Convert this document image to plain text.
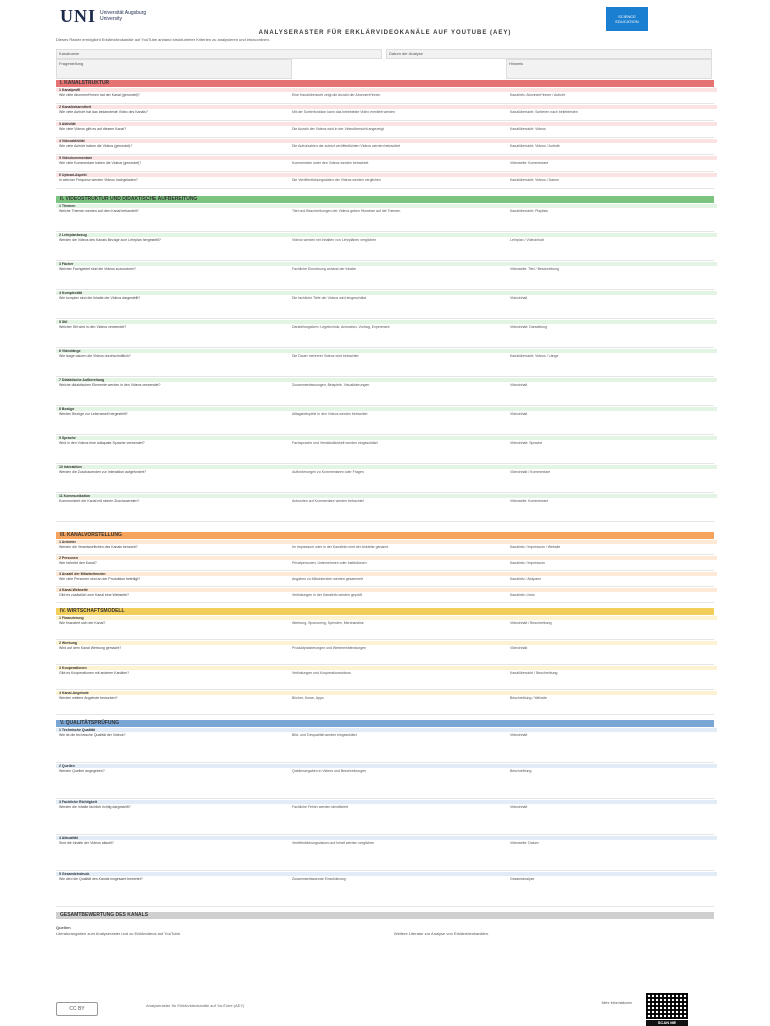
UNI Universität Augsburg University	SCIENCE EDUCATION
ANALYSERASTER FÜR ERKLÄRVIDEOKANÄLE AUF YOUTUBE (AEY)
Dieses Raster ermöglicht Erklärvideokanäle auf YouTube anhand strukturierter Kriterien zu analysieren und einzuordnen.
Kanalname	Datum der Analyse
Fragestellung	Hinweis
I. KANALSTRUKTUR
1 Kanalprofil
Wie viele Abonnent*innen hat der Kanal (gerundet)?	Eine Kanalübersicht zeigt die Anzahl der Abonnent*innen	Kanalinfo: Abonnent*innen / Aufrufe
2 Kanalbekanntheit
Wie viele Aufrufe hat das bekannteste Video des Kanals?	Mit der Sortierfunktion kann das beliebteste Video ermittelt werden	Kanalübersicht: Sortieren nach beliebtesten
3 Aktivität
Wie viele Videos gibt es auf diesem Kanal?	Die Anzahl der Videos wird in der Videoübersicht angezeigt	Kanalübersicht: Videos
4 Videoaktivität
Wie viele Aufrufe haben die Videos (gerundet)?	Die Aufrufzahlen der zuletzt veröffentlichten Videos werden betrachtet	Kanalübersicht: Videos / Aufrufe
5 Videokommentare
Wie viele Kommentare haben die Videos (gerundet)?	Kommentare unter den Videos werden betrachtet	Videoseite: Kommentare
6 Upload-Aspekt
In welcher Frequenz werden Videos hochgeladen?	Die Veröffentlichungsdaten der Videos werden verglichen	Kanalübersicht: Videos / Datum
II. VIDEOSTRUKTUR UND DIDAKTISCHE AUFBEREITUNG
1 Themen
Welche Themen werden auf dem Kanal behandelt?	Titel und Beschreibungen der Videos geben Hinweise auf die Themen	Kanalübersicht: Playlists
2 Lehrplanbezug
Werden die Videos des Kanals Bezüge zum Lehrplan hergestellt?	Videos werden mit Inhalten von Lehrplänen verglichen	Lehrplan / Videoinhalt
3 Fächer
Welcher Fachgebiet sind die Videos zuzuordnen?	Fachliche Einordnung anhand der Inhalte	Videoseite: Titel / Beschreibung
4 Komplexität
Wie komplex sind die Inhalte der Videos dargestellt?	Die fachliche Tiefe der Videos wird eingeschätzt	Videoinhalt
5 Stil
Welcher Stil wird in den Videos verwendet?	Darstellungsform: Legetechnik, Animation, Vortrag, Experiment	Videoinhalt: Darstellung
6 Videolänge
Wie lange dauern die Videos durchschnittlich?	Die Dauer mehrerer Videos wird betrachtet	Kanalübersicht: Videos / Länge
7 Didaktische Aufbereitung
Welche didaktischen Elemente werden in den Videos verwendet?	Zusammenfassungen, Beispiele, Visualisierungen	Videoinhalt
8 Bezüge
Werden Bezüge zur Lebenswelt hergestellt?	Alltagsbeispiele in den Videos werden betrachtet	Videoinhalt
9 Sprache
Wird in den Videos eine adäquate Sprache verwendet?	Fachsprache und Verständlichkeit werden eingeschätzt	Videoinhalt: Sprache
10 Interaktion
Werden die Zuschauenden zur Interaktion aufgefordert?	Aufforderungen zu Kommentaren oder Fragen	Videoinhalt / Kommentare
11 Kommunikation
Kommuniziert der Kanal mit seinen Zuschauenden?	Antworten auf Kommentare werden betrachtet	Videoseite: Kommentare
III. KANALVORSTELLUNG
1 Anbieter
Werden die Verantwortlichen des Kanals benannt?	Im Impressum oder in der Kanalinfo wird der Anbieter genannt	Kanalinfo / Impressum / Website
2 Personen
Wer betreibt den Kanal?	Privatpersonen, Unternehmen oder Institutionen	Kanalinfo / Impressum
3 Anzahl der Mitarbeitenden
Wie viele Personen sind an der Produktion beteiligt?	Angaben zu Mitwirkenden werden gesammelt	Kanalinfo / Abspann
4 Kanal-Webseite
Gibt es zusätzlich zum Kanal eine Webseite?	Verlinkungen in der Kanalinfo werden geprüft	Kanalinfo: Links
IV. WIRTSCHAFTSMODELL
1 Finanzierung
Wie finanziert sich der Kanal?	Werbung, Sponsoring, Spenden, Merchandise	Videoinhalt / Beschreibung
2 Werbung
Wird auf dem Kanal Werbung gemacht?	Produktplatzierungen und Werbeeinblendungen	Videoinhalt
3 Kooperationen
Gibt es Kooperationen mit anderen Kanälen?	Verlinkungen und Kooperationsvideos	Kanalübersicht / Beschreibung
4 Kanal-Angebote
Werden weitere Angebote beworben?	Bücher, Kurse, Apps	Beschreibung / Website
V. QUALITÄTSPRÜFUNG
1 Technische Qualität
Wie ist die technische Qualität der Videos?	Bild- und Tonqualität werden eingeschätzt	Videoinhalt
2 Quellen
Werden Quellen angegeben?	Quellenangaben in Videos und Beschreibungen	Beschreibung
3 Fachliche Richtigkeit
Werden die Inhalte fachlich richtig dargestellt?	Fachliche Fehler werden identifiziert	Videoinhalt
4 Aktualität
Sind die Inhalte der Videos aktuell?	Veröffentlichungsdatum und Inhalt werden verglichen	Videoseite: Datum
5 Gesamteindruck
Wie wird die Qualität des Kanals insgesamt bewertet?	Zusammenfassende Einschätzung	Gesamtanalyse
GESAMTBEWERTUNG DES KANALS
Quellen
Literaturangaben zum Analyseraster und zu Erklärvideos auf YouTube.	Weitere Literatur zur Analyse von Erklärvideokanälen.
CC BY
Analyseraster für Erklärvideokanäle auf YouTube (AEY)	Mehr Informationen
SCAN ME
